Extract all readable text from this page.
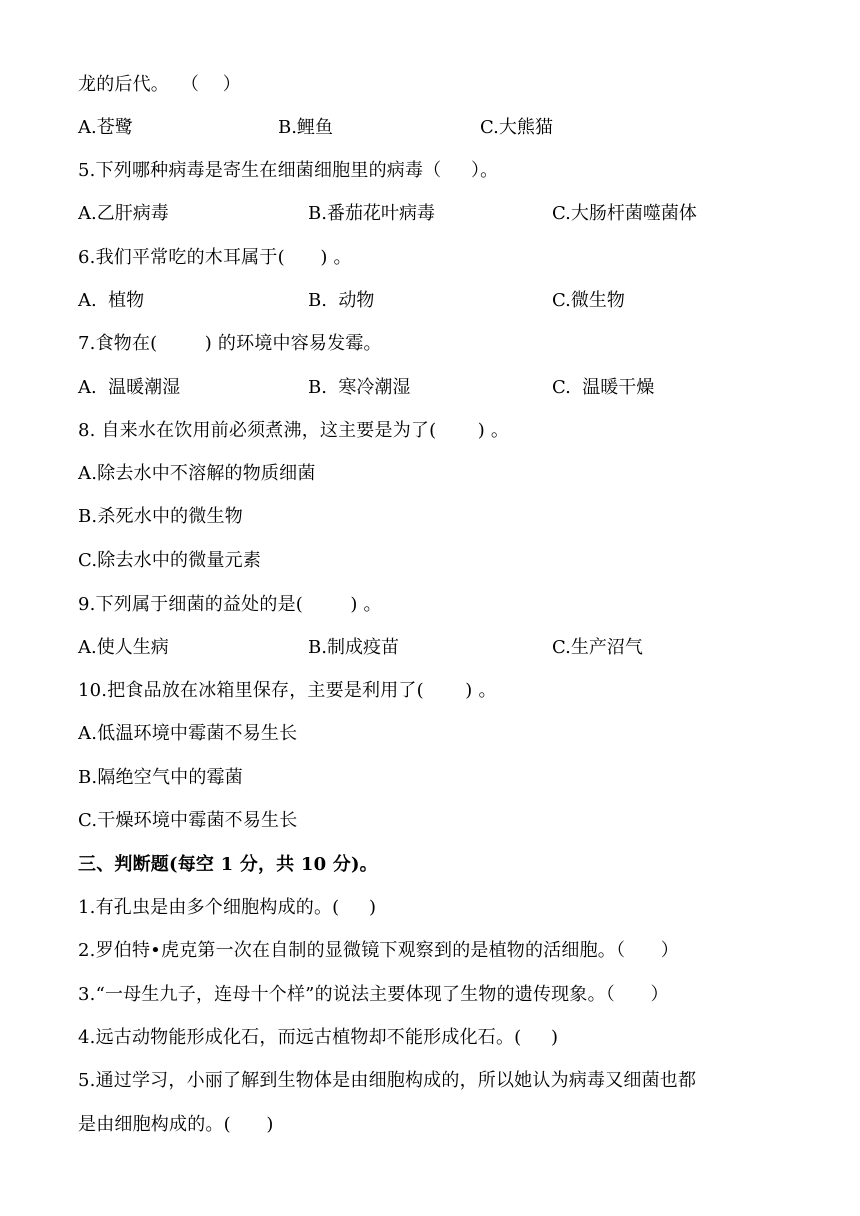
龙的后代。  （    ）
A.苍鹭	B.鲤鱼	C.大熊猫
5.下列哪种病毒是寄生在细菌细胞里的病毒（     ）。
A.乙肝病毒	B.番茄花叶病毒	C.大肠杆菌噬菌体
6.我们平常吃的木耳属于(      ) 。
A.  植物	B.  动物	C.微生物
7.食物在(        ) 的环境中容易发霉。
A.  温暖潮湿	B.  寒冷潮湿	C.  温暖干燥
8. 自来水在饮用前必须煮沸，这主要是为了(       ) 。
A.除去水中不溶解的物质细菌
B.杀死水中的微生物
C.除去水中的微量元素
9.下列属于细菌的益处的是(        ) 。
A.使人生病	B.制成疫苗	C.生产沼气
10.把食品放在冰箱里保存，主要是利用了(       ) 。
A.低温环境中霉菌不易生长
B.隔绝空气中的霉菌
C.干燥环境中霉菌不易生长
三、判断题(每空 1 分，共 10 分)。
1.有孔虫是由多个细胞构成的。(     )
2.罗伯特•虎克第一次在自制的显微镜下观察到的是植物的活细胞。（      ）
3.“一母生九子，连母十个样”的说法主要体现了生物的遗传现象。（      ）
4.远古动物能形成化石，而远古植物却不能形成化石。(     )
5.通过学习，小丽了解到生物体是由细胞构成的，所以她认为病毒又细菌也都
是由细胞构成的。(      )
